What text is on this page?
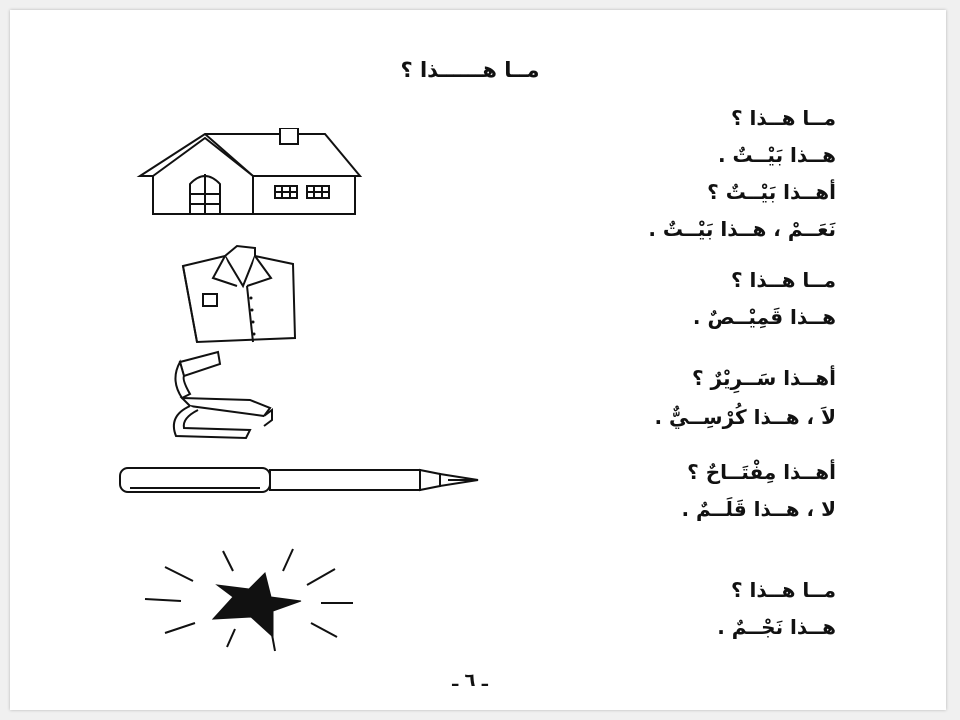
مــا هــــــذا ؟
مــا هــذا ؟
هــذا بَيْــتٌ .
أهــذا بَيْــتٌ ؟
نَعَــمْ ، هــذا بَيْــتٌ .
مــا هــذا ؟
هــذا قَمِيْــصٌ .
أهــذا سَــرِيْرٌ ؟
لاَ ، هــذا كُرْسِــيٌّ .
أهــذا مِفْتَــاحٌ ؟
لا ، هــذا قَلَــمٌ .
مــا هــذا ؟
هــذا نَجْــمٌ .
ـ ٦ ـ
